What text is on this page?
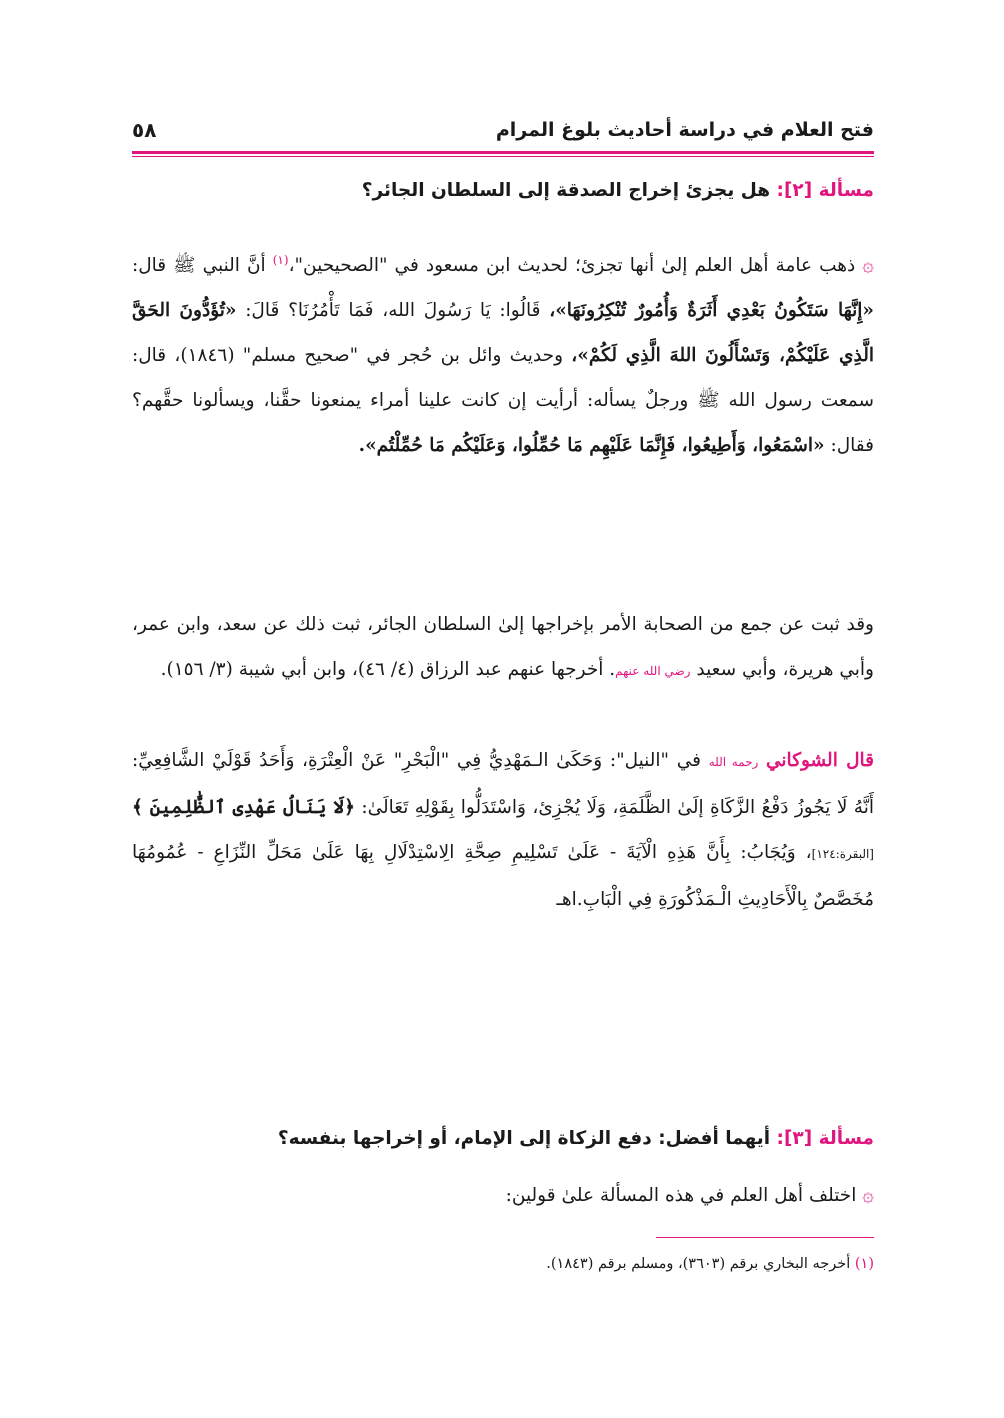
فتح العلام في دراسة أحاديث بلوغ المرام
٥٨
مسألة [٢]: هل يجزئ إخراج الصدقة إلى السلطان الجائر؟

۞ ذهب عامة أهل العلم إلىٰ أنها تجزئ؛ لحديث ابن مسعود في "الصحيحين"،$^{(١)}$ أنَّ النبي ﷺ قال: «إِنَّهَا سَتَكُونُ بَعْدِي أَثَرَةٌ وَأُمُورٌ تُنْكِرُونَهَا»، قَالُوا: يَا رَسُولَ الله، فَمَا تَأْمُرُنَا؟ قَالَ: «تُؤَدُّونَ الحَقَّ الَّذِي عَلَيْكُمْ، وَتَسْأَلُونَ اللهَ الَّذِي لَكُمْ»، وحديث وائل بن حُجر في "صحيح مسلم" (١٨٤٦)، قال: سمعت رسول الله ﷺ ورجلٌ يسأله: أرأيت إن كانت علينا أمراء يمنعونا حقَّنا، ويسألونا حقَّهم؟ فقال: «اسْمَعُوا، وَأَطِيعُوا، فَإِنَّمَا عَلَيْهِم مَا حُمِّلُوا، وَعَلَيْكُم مَا حُمِّلْتُم».

وقد ثبت عن جمع من الصحابة الأمر بإخراجها إلىٰ السلطان الجائر، ثبت ذلك عن سعد، وابن عمر، وأبي هريرة، وأبي سعيد رضي الله عنهم. أخرجها عنهم عبد الرزاق (٤/ ٤٦)، وابن أبي شيبة (٣/ ١٥٦).

قال الشوكاني رحمه الله في "النيل": وَحَكَىٰ الـمَهْدِيُّ فِي "الْبَحْرِ" عَنْ الْعِتْرَةِ، وَأَحَدُ قَوْلَيْ الشَّافِعِيِّ: أَنَّهُ لَا يَجُوزُ دَفْعُ الزَّكَاةِ إلَىٰ الظَّلَمَةِ، وَلَا يُجْزِئ، وَاسْتَدَلُّوا بِقَوْلِهِ تَعَالَىٰ: ﴿لَا يَنَالُ عَهْدِى ٱلظَّٰلِمِينَ ﴾ [البقرة:١٢٤]، وَيُجَابُ: بِأَنَّ هَذِهِ الْآيَةَ - عَلَىٰ تَسْلِيمِ صِحَّةِ الِاسْتِدْلَالِ بِهَا عَلَىٰ مَحَلِّ النِّزَاعِ - عُمُومُهَا مُخَصَّصٌ بِالْأَحَادِيثِ الْـمَذْكُورَةِ فِي الْبَابِ.اهـ

مسألة [٣]: أيهما أفضل: دفع الزكاة إلى الإمام، أو إخراجها بنفسه؟

۞ اختلف أهل العلم في هذه المسألة علىٰ قولين:

(١) أخرجه البخاري برقم (٣٦٠٣)، ومسلم برقم (١٨٤٣).
